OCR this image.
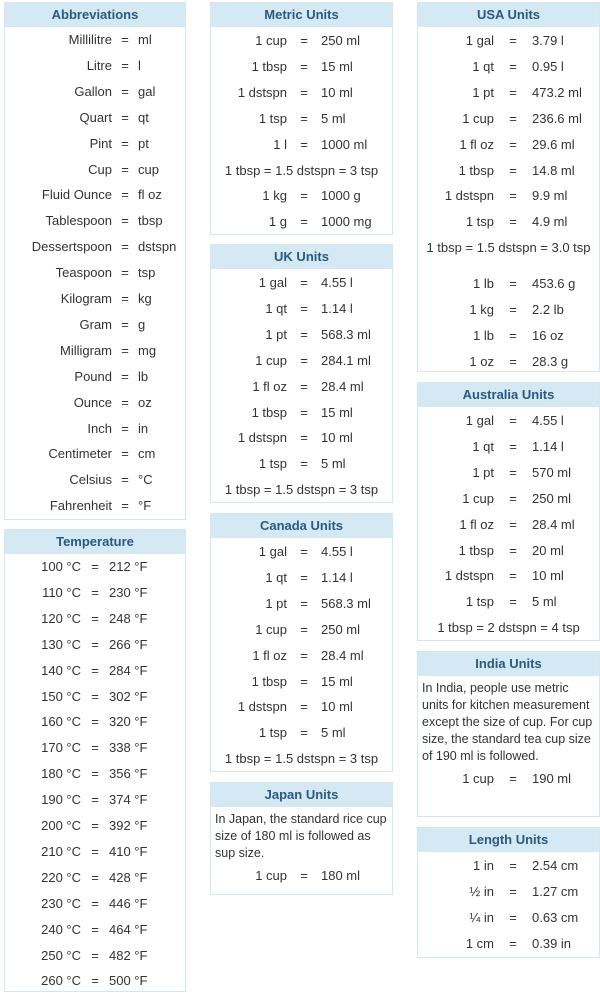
Abbreviations
Millilitre = ml
Litre = l
Gallon = gal
Quart = qt
Pint = pt
Cup = cup
Fluid Ounce = fl oz
Tablespoon = tbsp
Dessertspoon = dstspn
Teaspoon = tsp
Kilogram = kg
Gram = g
Milligram = mg
Pound = lb
Ounce = oz
Inch = in
Centimeter = cm
Celsius = °C
Fahrenheit = °F
Temperature
100 °C = 212 °F
110 °C = 230 °F
120 °C = 248 °F
130 °C = 266 °F
140 °C = 284 °F
150 °C = 302 °F
160 °C = 320 °F
170 °C = 338 °F
180 °C = 356 °F
190 °C = 374 °F
200 °C = 392 °F
210 °C = 410 °F
220 °C = 428 °F
230 °C = 446 °F
240 °C = 464 °F
250 °C = 482 °F
260 °C = 500 °F
Metric Units
1 cup = 250 ml
1 tbsp = 15 ml
1 dstspn = 10 ml
1 tsp = 5 ml
1 l = 1000 ml
1 tbsp = 1.5 dstspn = 3 tsp
1 kg = 1000 g
1 g = 1000 mg
UK Units
1 gal = 4.55 l
1 qt = 1.14 l
1 pt = 568.3 ml
1 cup = 284.1 ml
1 fl oz = 28.4 ml
1 tbsp = 15 ml
1 dstspn = 10 ml
1 tsp = 5 ml
1 tbsp = 1.5 dstspn = 3 tsp
Canada Units
1 gal = 4.55 l
1 qt = 1.14 l
1 pt = 568.3 ml
1 cup = 250 ml
1 fl oz = 28.4 ml
1 tbsp = 15 ml
1 dstspn = 10 ml
1 tsp = 5 ml
1 tbsp = 1.5 dstspn = 3 tsp
Japan Units
In Japan, the standard rice cup size of 180 ml is followed as sup size.
1 cup = 180 ml
USA Units
1 gal = 3.79 l
1 qt = 0.95 l
1 pt = 473.2 ml
1 cup = 236.6 ml
1 fl oz = 29.6 ml
1 tbsp = 14.8 ml
1 dstspn = 9.9 ml
1 tsp = 4.9 ml
1 tbsp = 1.5 dstspn = 3.0 tsp
1 lb = 453.6 g
1 kg = 2.2 lb
1 lb = 16 oz
1 oz = 28.3 g
Australia Units
1 gal = 4.55 l
1 qt = 1.14 l
1 pt = 570 ml
1 cup = 250 ml
1 fl oz = 28.4 ml
1 tbsp = 20 ml
1 dstspn = 10 ml
1 tsp = 5 ml
1 tbsp = 2 dstspn = 4 tsp
India Units
In India, people use metric units for kitchen measurement except the size of cup. For cup size, the standard tea cup size of 190 ml is followed.
1 cup = 190 ml
Length Units
1 in = 2.54 cm
½ in = 1.27 cm
¼ in = 0.63 cm
1 cm = 0.39 in
